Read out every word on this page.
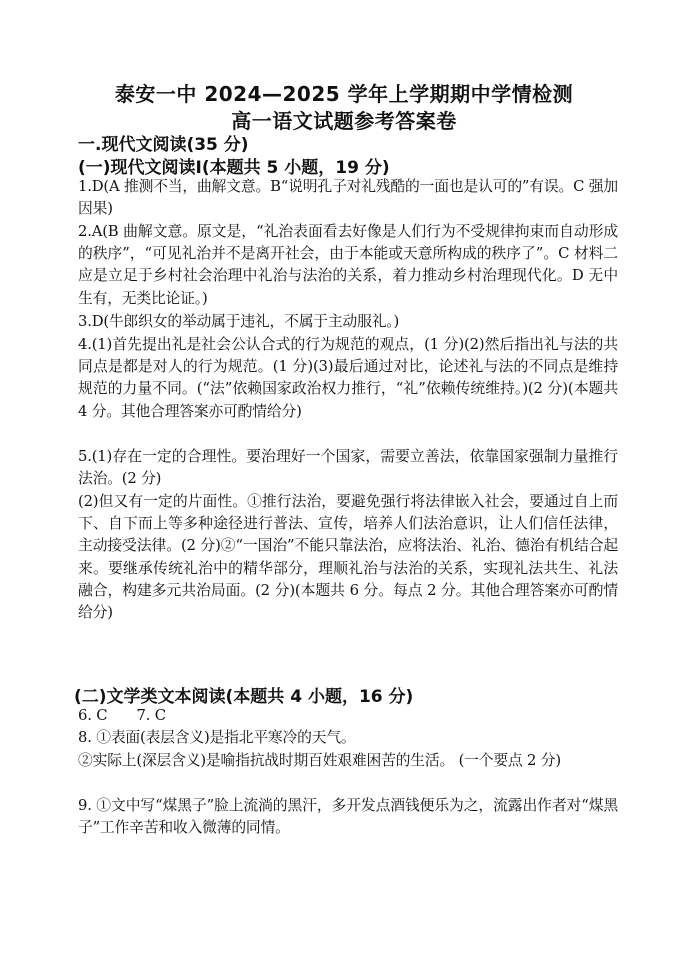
泰安一中 2024—2025 学年上学期期中学情检测
高一语文试题参考答案卷
一.现代文阅读(35 分)
(一)现代文阅读Ⅰ(本题共 5 小题，19 分)
1.D(A 推测不当，曲解文意。B“说明孔子对礼残酷的一面也是认可的”有误。C 强加因果)
2.A(B 曲解文意。原文是，“礼治表面看去好像是人们行为不受规律拘束而自动形成的秩序”，“可见礼治并不是离开社会，由于本能或天意所构成的秩序了”。C 材料二应是立足于乡村社会治理中礼治与法治的关系，着力推动乡村治理现代化。D 无中生有，无类比论证。)
3.D(牛郎织女的举动属于违礼，不属于主动服礼。)
4.(1)首先提出礼是社会公认合式的行为规范的观点，(1 分)(2)然后指出礼与法的共同点是都是对人的行为规范。(1 分)(3)最后通过对比，论述礼与法的不同点是维持规范的力量不同。(“法”依赖国家政治权力推行，“礼”依赖传统维持。)(2 分)(本题共 4 分。其他合理答案亦可酌情给分)
5.(1)存在一定的合理性。要治理好一个国家，需要立善法，依靠国家强制力量推行法治。(2 分)
(2)但又有一定的片面性。①推行法治，要避免强行将法律嵌入社会，要通过自上而下、自下而上等多种途径进行普法、宣传，培养人们法治意识，让人们信任法律，主动接受法律。(2 分)②“一国治”不能只靠法治，应将法治、礼治、德治有机结合起来。要继承传统礼治中的精华部分，理顺礼治与法治的关系，实现礼法共生、礼法融合，构建多元共治局面。(2 分)(本题共 6 分。每点 2 分。其他合理答案亦可酌情给分)
(二)文学类文本阅读(本题共 4 小题，16 分)
6. C　　7. C
8. ①表面(表层含义)是指北平寒冷的天气。
②实际上(深层含义)是喻指抗战时期百姓艰难困苦的生活。 (一个要点 2 分)
9. ①文中写“煤黑子”脸上流淌的黑汗，多开发点酒钱便乐为之，流露出作者对“煤黑子”工作辛苦和收入微薄的同情。
